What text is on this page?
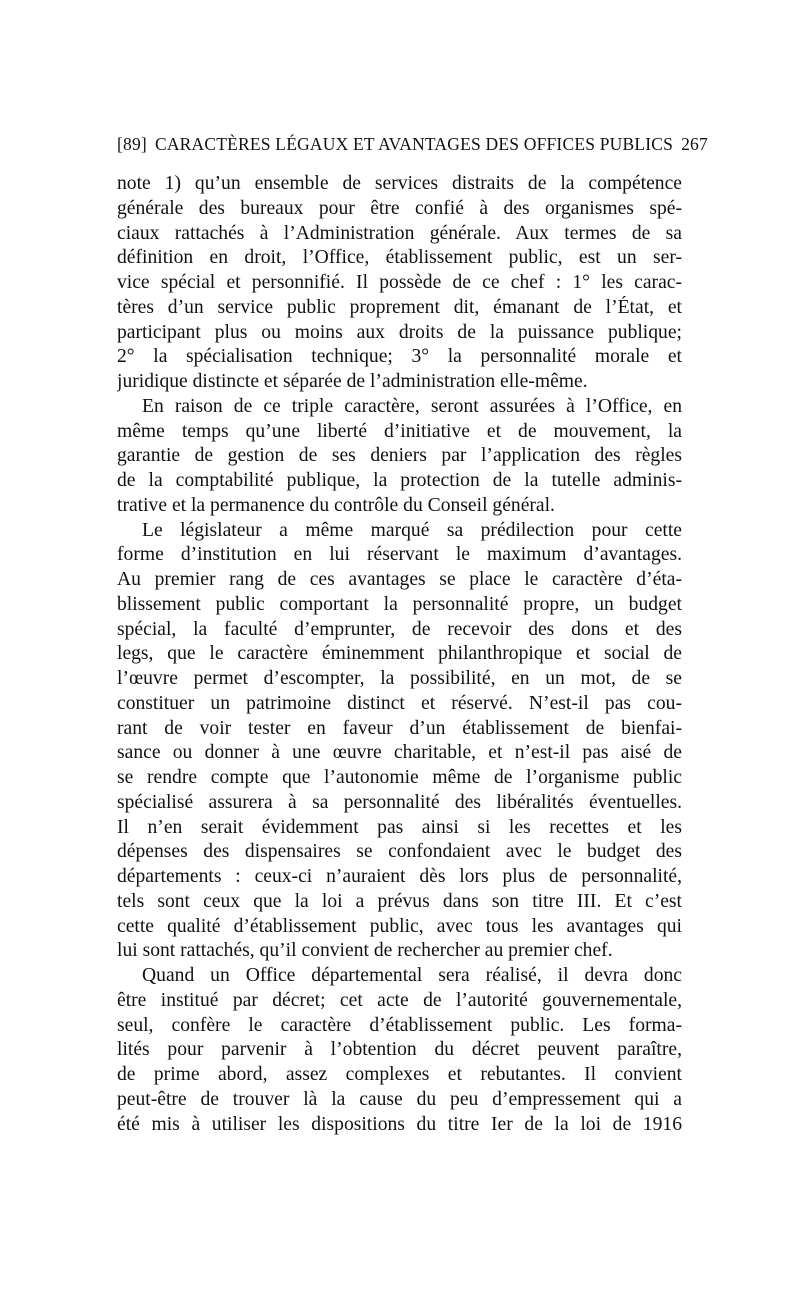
[89] CARACTÈRES LÉGAUX ET AVANTAGES DES OFFICES PUBLICS 267
note 1) qu’un ensemble de services distraits de la compétence
générale des bureaux pour être confié à des organismes spé-
ciaux rattachés à l’Administration générale. Aux termes de sa
définition en droit, l’Office, établissement public, est un ser-
vice spécial et personnifié. Il possède de ce chef : 1° les carac-
tères d’un service public proprement dit, émanant de l’État, et
participant plus ou moins aux droits de la puissance publique;
2° la spécialisation technique; 3° la personnalité morale et
juridique distincte et séparée de l’administration elle-même.
En raison de ce triple caractère, seront assurées à l’Office, en
même temps qu’une liberté d’initiative et de mouvement, la
garantie de gestion de ses deniers par l’application des règles
de la comptabilité publique, la protection de la tutelle adminis-
trative et la permanence du contrôle du Conseil général.
Le législateur a même marqué sa prédilection pour cette
forme d’institution en lui réservant le maximum d’avantages.
Au premier rang de ces avantages se place le caractère d’éta-
blissement public comportant la personnalité propre, un budget
spécial, la faculté d’emprunter, de recevoir des dons et des
legs, que le caractère éminemment philanthropique et social de
l’œuvre permet d’escompter, la possibilité, en un mot, de se
constituer un patrimoine distinct et réservé. N’est-il pas cou-
rant de voir tester en faveur d’un établissement de bienfai-
sance ou donner à une œuvre charitable, et n’est-il pas aisé de
se rendre compte que l’autonomie même de l’organisme public
spécialisé assurera à sa personnalité des libéralités éventuelles.
Il n’en serait évidemment pas ainsi si les recettes et les
dépenses des dispensaires se confondaient avec le budget des
départements : ceux-ci n’auraient dès lors plus de personnalité,
tels sont ceux que la loi a prévus dans son titre III. Et c’est
cette qualité d’établissement public, avec tous les avantages qui
lui sont rattachés, qu’il convient de rechercher au premier chef.
Quand un Office départemental sera réalisé, il devra donc
être institué par décret; cet acte de l’autorité gouvernementale,
seul, confère le caractère d’établissement public. Les forma-
lités pour parvenir à l’obtention du décret peuvent paraître,
de prime abord, assez complexes et rebutantes. Il convient
peut-être de trouver là la cause du peu d’empressement qui a
été mis à utiliser les dispositions du titre Ier de la loi de 1916
